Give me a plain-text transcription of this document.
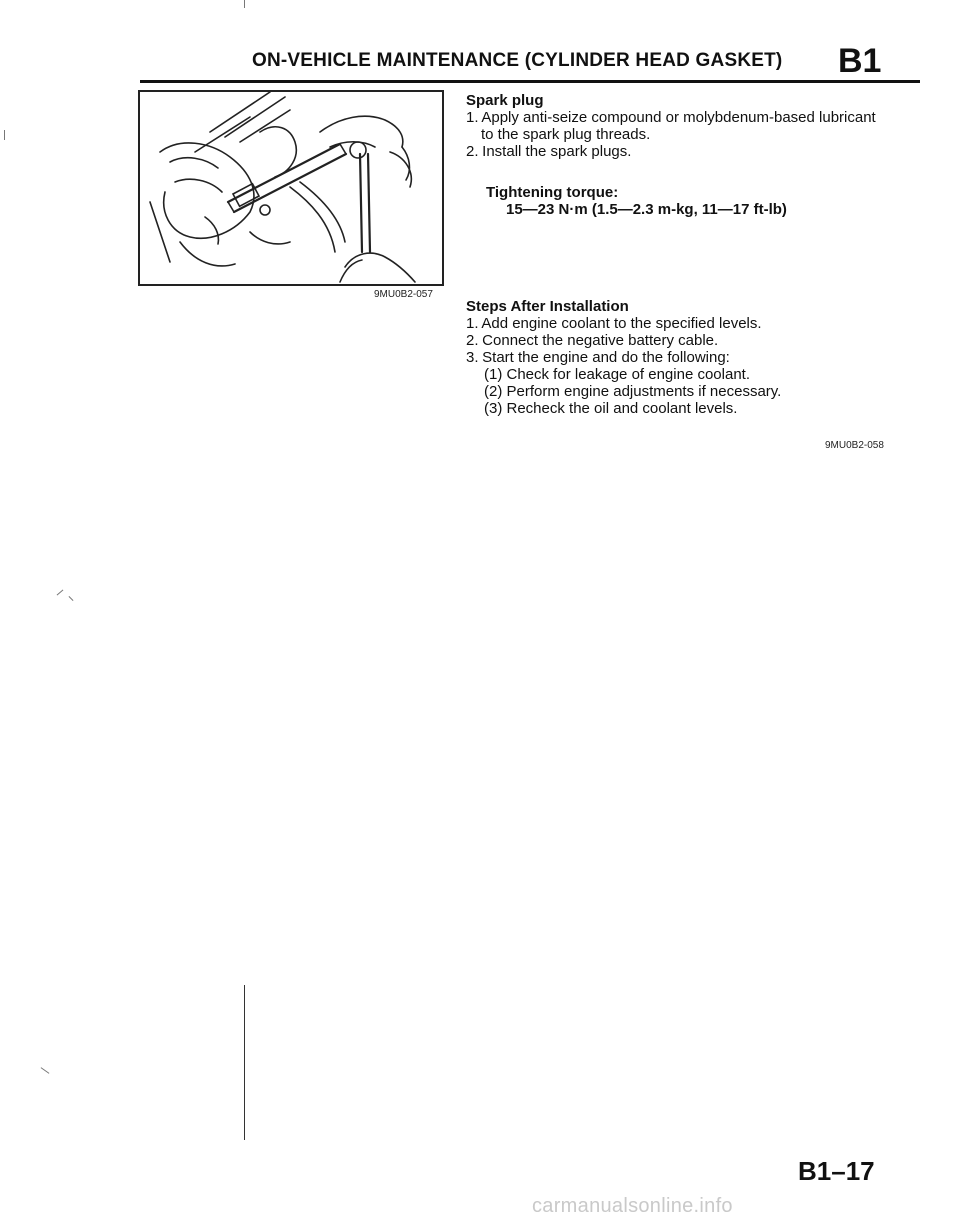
ON-VEHICLE MAINTENANCE (CYLINDER HEAD GASKET) B1
9MU0B2-057
Spark plug
1. Apply anti-seize compound or molybdenum-based lubricant
to the spark plug threads.
2. Install the spark plugs.
Tightening torque:
15—23 N·m (1.5—2.3 m-kg, 11—17 ft-lb)
Steps After Installation
1. Add engine coolant to the specified levels.
2. Connect the negative battery cable.
3. Start the engine and do the following:
(1) Check for leakage of engine coolant.
(2) Perform engine adjustments if necessary.
(3) Recheck the oil and coolant levels.
9MU0B2-058
B1–17
carmanualsonline.info
